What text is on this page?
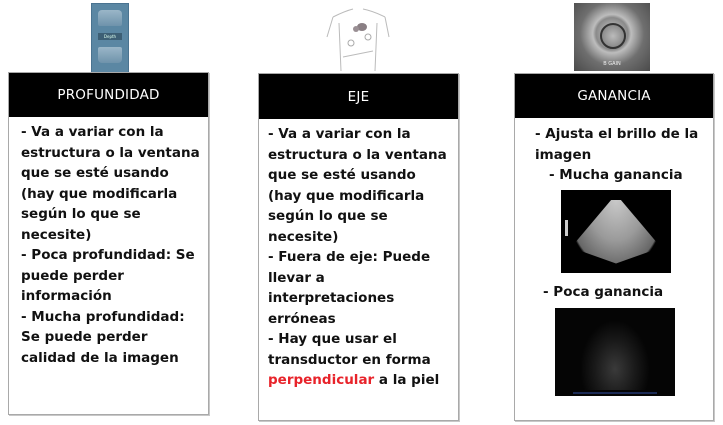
Depth
B GAIN
PROFUNDIDAD
- Va a variar con la
estructura o la ventana
que se esté usando
(hay que modificarla
según lo que se
necesite)
- Poca profundidad: Se
puede perder
información
- Mucha profundidad:
Se puede perder
calidad de la imagen
EJE
- Va a variar con la
estructura o la ventana
que se esté usando
(hay que modificarla
según lo que se
necesite)
- Fuera de eje: Puede
llevar a
interpretaciones
erróneas
- Hay que usar el
transductor en forma
perpendicular a la piel
GANANCIA
- Ajusta el brillo de la
imagen
- Mucha ganancia
- Poca ganancia
